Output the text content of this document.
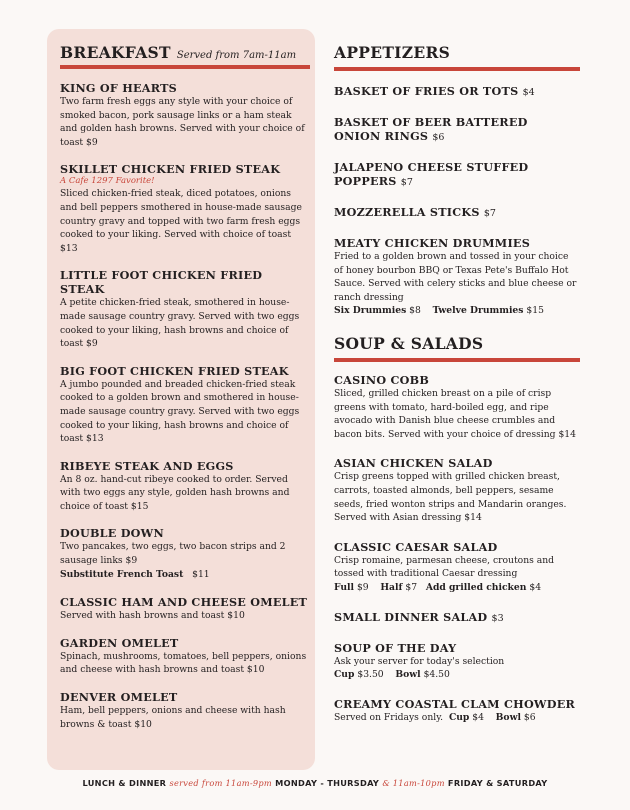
BREAKFAST Served from 7am-11am
KING OF HEARTS
Two farm fresh eggs any style with your choice of smoked bacon, pork sausage links or a ham steak and golden hash browns. Served with your choice of toast $9
SKILLET CHICKEN FRIED STEAK
A Cafe 1297 Favorite!
Sliced chicken-fried steak, diced potatoes, onions and bell peppers smothered in house-made sausage country gravy and topped with two farm fresh eggs cooked to your liking. Served with choice of toast $13
LITTLE FOOT CHICKEN FRIED STEAK
A petite chicken-fried steak, smothered in house-made sausage country gravy. Served with two eggs cooked to your liking, hash browns and choice of toast $9
BIG FOOT CHICKEN FRIED STEAK
A jumbo pounded and breaded chicken-fried steak cooked to a golden brown and smothered in house-made sausage country gravy. Served with two eggs cooked to your liking, hash browns and choice of toast $13
RIBEYE STEAK AND EGGS
An 8 oz. hand-cut ribeye cooked to order. Served with two eggs any style, golden hash browns and choice of toast $15
DOUBLE DOWN
Two pancakes, two eggs, two bacon strips and 2 sausage links $9
Substitute French Toast $11
CLASSIC HAM AND CHEESE OMELET
Served with hash browns and toast $10
GARDEN OMELET
Spinach, mushrooms, tomatoes, bell peppers, onions and cheese with hash browns and toast $10
DENVER OMELET
Ham, bell peppers, onions and cheese with hash browns & toast $10
APPETIZERS
BASKET OF FRIES OR TOTS $4
BASKET OF BEER BATTERED ONION RINGS $6
JALAPENO CHEESE STUFFED POPPERS $7
MOZZERELLA STICKS $7
MEATY CHICKEN DRUMMIES
Fried to a golden brown and tossed in your choice of honey bourbon BBQ or Texas Pete's Buffalo Hot Sauce. Served with celery sticks and blue cheese or ranch dressing
Six Drummies $8 Twelve Drummies $15
SOUP & SALADS
CASINO COBB
Sliced, grilled chicken breast on a pile of crisp greens with tomato, hard-boiled egg, and ripe avocado with Danish blue cheese crumbles and bacon bits. Served with your choice of dressing $14
ASIAN CHICKEN SALAD
Crisp greens topped with grilled chicken breast, carrots, toasted almonds, bell peppers, sesame seeds, fried wonton strips and Mandarin oranges. Served with Asian dressing $14
CLASSIC CAESAR SALAD
Crisp romaine, parmesan cheese, croutons and tossed with traditional Caesar dressing
Full $9 Half $7 Add grilled chicken $4
SMALL DINNER SALAD $3
SOUP OF THE DAY
Ask your server for today's selection
Cup $3.50 Bowl $4.50
CREAMY COASTAL CLAM CHOWDER
Served on Fridays only. Cup $4 Bowl $6
LUNCH & DINNER served from 11am-9pm MONDAY - THURSDAY & 11am-10pm FRIDAY & SATURDAY
